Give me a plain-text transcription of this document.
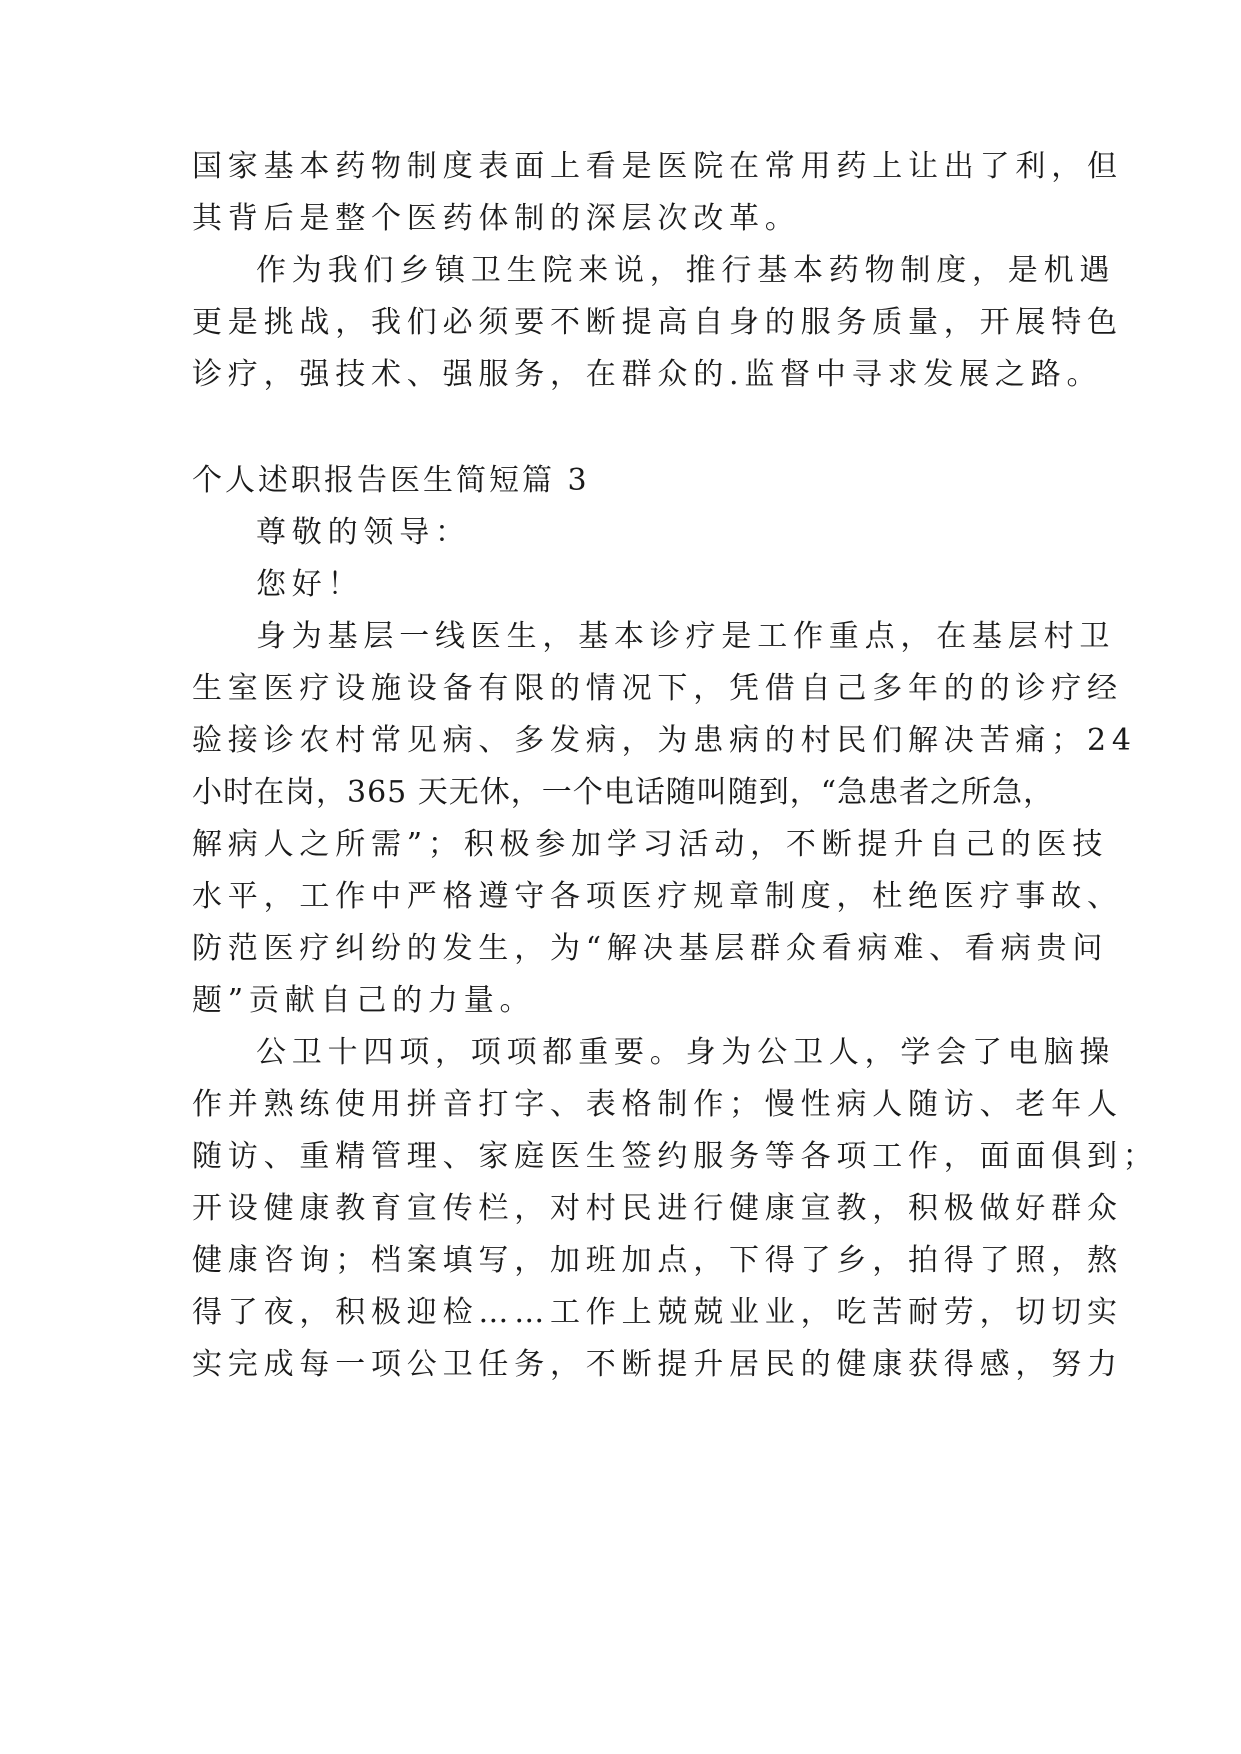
国家基本药物制度表面上看是医院在常用药上让出了利，但
其背后是整个医药体制的深层次改革。
作为我们乡镇卫生院来说，推行基本药物制度，是机遇
更是挑战，我们必须要不断提高自身的服务质量，开展特色
诊疗，强技术、强服务，在群众的.监督中寻求发展之路。
个人述职报告医生简短篇 3
尊敬的领导：
您好！
身为基层一线医生，基本诊疗是工作重点，在基层村卫
生室医疗设施设备有限的情况下，凭借自己多年的的诊疗经
验接诊农村常见病、多发病，为患病的村民们解决苦痛；24
小时在岗，365 天无休，一个电话随叫随到，“急患者之所急，
解病人之所需”；积极参加学习活动，不断提升自己的医技
水平，工作中严格遵守各项医疗规章制度，杜绝医疗事故、
防范医疗纠纷的发生，为“解决基层群众看病难、看病贵问
题”贡献自己的力量。
公卫十四项，项项都重要。身为公卫人，学会了电脑操
作并熟练使用拼音打字、表格制作；慢性病人随访、老年人
随访、重精管理、家庭医生签约服务等各项工作，面面俱到；
开设健康教育宣传栏，对村民进行健康宣教，积极做好群众
健康咨询；档案填写，加班加点，下得了乡，拍得了照，熬
得了夜，积极迎检……工作上兢兢业业，吃苦耐劳，切切实
实完成每一项公卫任务，不断提升居民的健康获得感，努力
